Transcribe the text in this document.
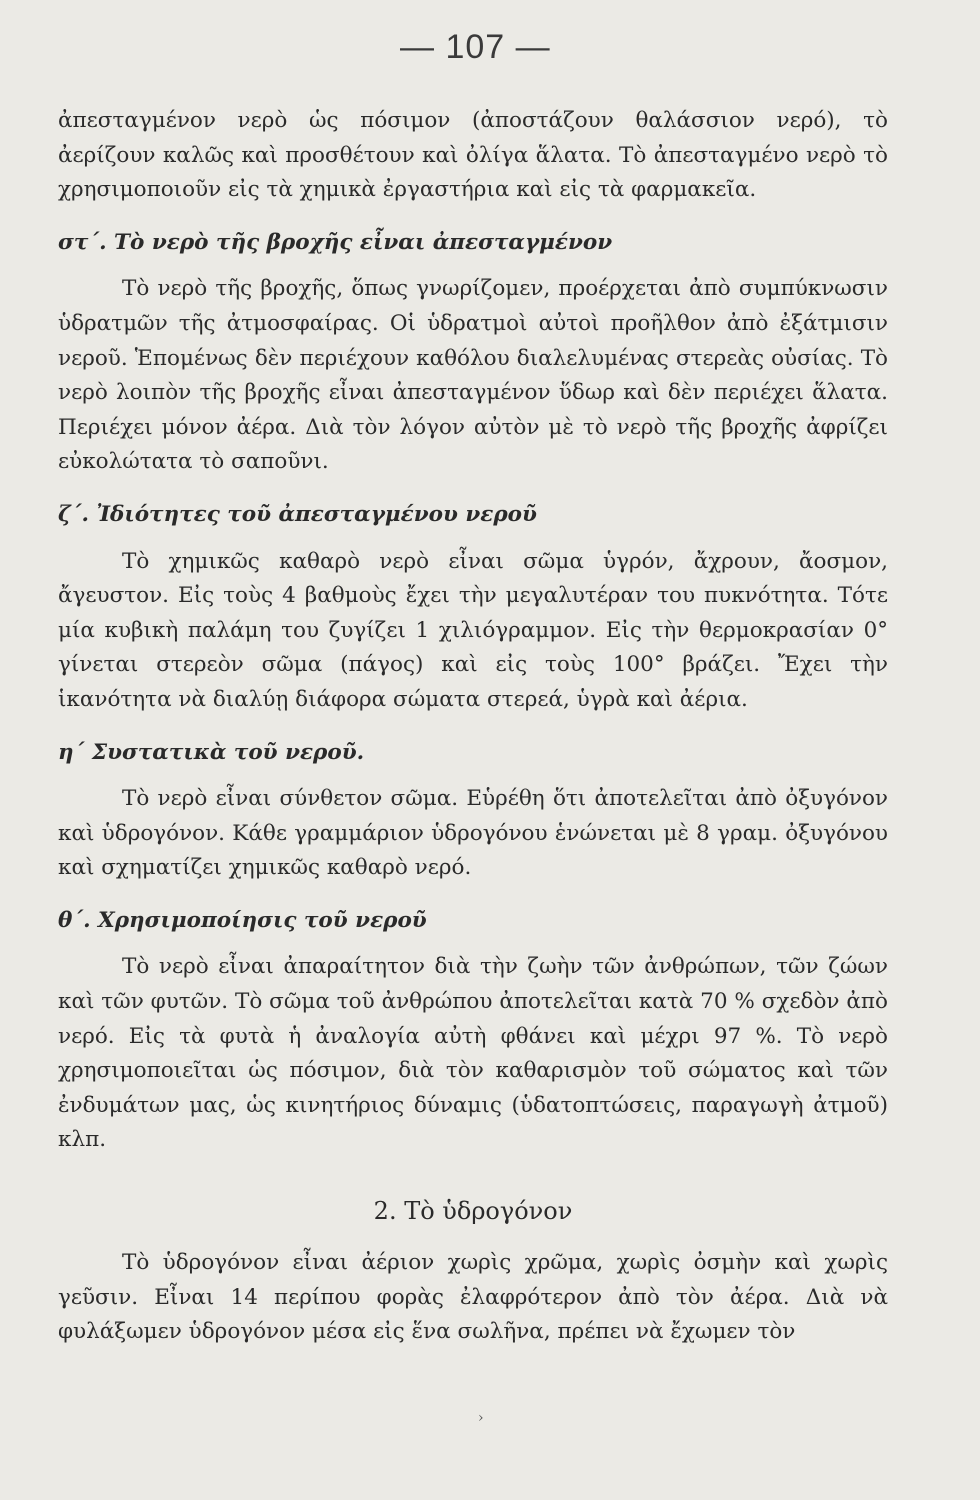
— 107 —

ἀπεσταγμένον νερὸ ὡς πόσιμον (ἀποστάζουν θαλάσσιον νερό), τὸ ἀερίζουν καλῶς καὶ προσθέτουν καὶ ὀλίγα ἅλατα. Τὸ ἀπεσταγμένο νερὸ τὸ χρησιμοποιοῦν εἰς τὰ χημικὰ ἐργαστήρια καὶ εἰς τὰ φαρμακεῖα.

στ΄. Τὸ νερὸ τῆς βροχῆς εἶναι ἀπεσταγμένον

Τὸ νερὸ τῆς βροχῆς, ὅπως γνωρίζομεν, προέρχεται ἀπὸ συμπύκνωσιν ὑδρατμῶν τῆς ἀτμοσφαίρας. Οἱ ὑδρατμοὶ αὐτοὶ προῆλθον ἀπὸ ἐξάτμισιν νεροῦ. Ἑπομένως δὲν περιέχουν καθόλου διαλελυμένας στερεὰς οὐσίας. Τὸ νερὸ λοιπὸν τῆς βροχῆς εἶναι ἀπεσταγμένον ὕδωρ καὶ δὲν περιέχει ἅλατα. Περιέχει μόνον ἀέρα. Διὰ τὸν λόγον αὐτὸν μὲ τὸ νερὸ τῆς βροχῆς ἀφρίζει εὐκολώτατα τὸ σαποῦνι.

ζ΄. Ἰδιότητες τοῦ ἀπεσταγμένου νεροῦ

Τὸ χημικῶς καθαρὸ νερὸ εἶναι σῶμα ὑγρόν, ἄχρουν, ἄοσμον, ἄγευστον. Εἰς τοὺς 4 βαθμοὺς ἔχει τὴν μεγαλυτέραν του πυκνότητα. Τότε μία κυβικὴ παλάμη του ζυγίζει 1 χιλιόγραμμον. Εἰς τὴν θερμοκρασίαν 0° γίνεται στερεὸν σῶμα (πάγος) καὶ εἰς τοὺς 100° βράζει. Ἔχει τὴν ἱκανότητα νὰ διαλύῃ διάφορα σώματα στερεά, ὑγρὰ καὶ ἀέρια.

η΄ Συστατικὰ τοῦ νεροῦ.

Τὸ νερὸ εἶναι σύνθετον σῶμα. Εὑρέθη ὅτι ἀποτελεῖται ἀπὸ ὀξυγόνον καὶ ὑδρογόνον. Κάθε γραμμάριον ὑδρογόνου ἑνώνεται μὲ 8 γραμ. ὀξυγόνου καὶ σχηματίζει χημικῶς καθαρὸ νερό.

θ΄. Χρησιμοποίησις τοῦ νεροῦ

Τὸ νερὸ εἶναι ἀπαραίτητον διὰ τὴν ζωὴν τῶν ἀνθρώπων, τῶν ζώων καὶ τῶν φυτῶν. Τὸ σῶμα τοῦ ἀνθρώπου ἀποτελεῖται κατὰ 70 % σχεδὸν ἀπὸ νερό. Εἰς τὰ φυτὰ ἡ ἀναλογία αὐτὴ φθάνει καὶ μέχρι 97 %. Τὸ νερὸ χρησιμοποιεῖται ὡς πόσιμον, διὰ τὸν καθαρισμὸν τοῦ σώματος καὶ τῶν ἐνδυμάτων μας, ὡς κινητήριος δύναμις (ὑδατοπτώσεις, παραγωγὴ ἀτμοῦ) κλπ.

2. Τὸ ὑδρογόνον

Τὸ ὑδρογόνον εἶναι ἀέριον χωρὶς χρῶμα, χωρὶς ὀσμὴν καὶ χωρὶς γεῦσιν. Εἶναι 14 περίπου φορὰς ἐλαφρότερον ἀπὸ τὸν ἀέρα. Διὰ νὰ φυλάξωμεν ὑδρογόνον μέσα εἰς ἕνα σωλῆνα, πρέπει νὰ ἔχωμεν τὸν

›
